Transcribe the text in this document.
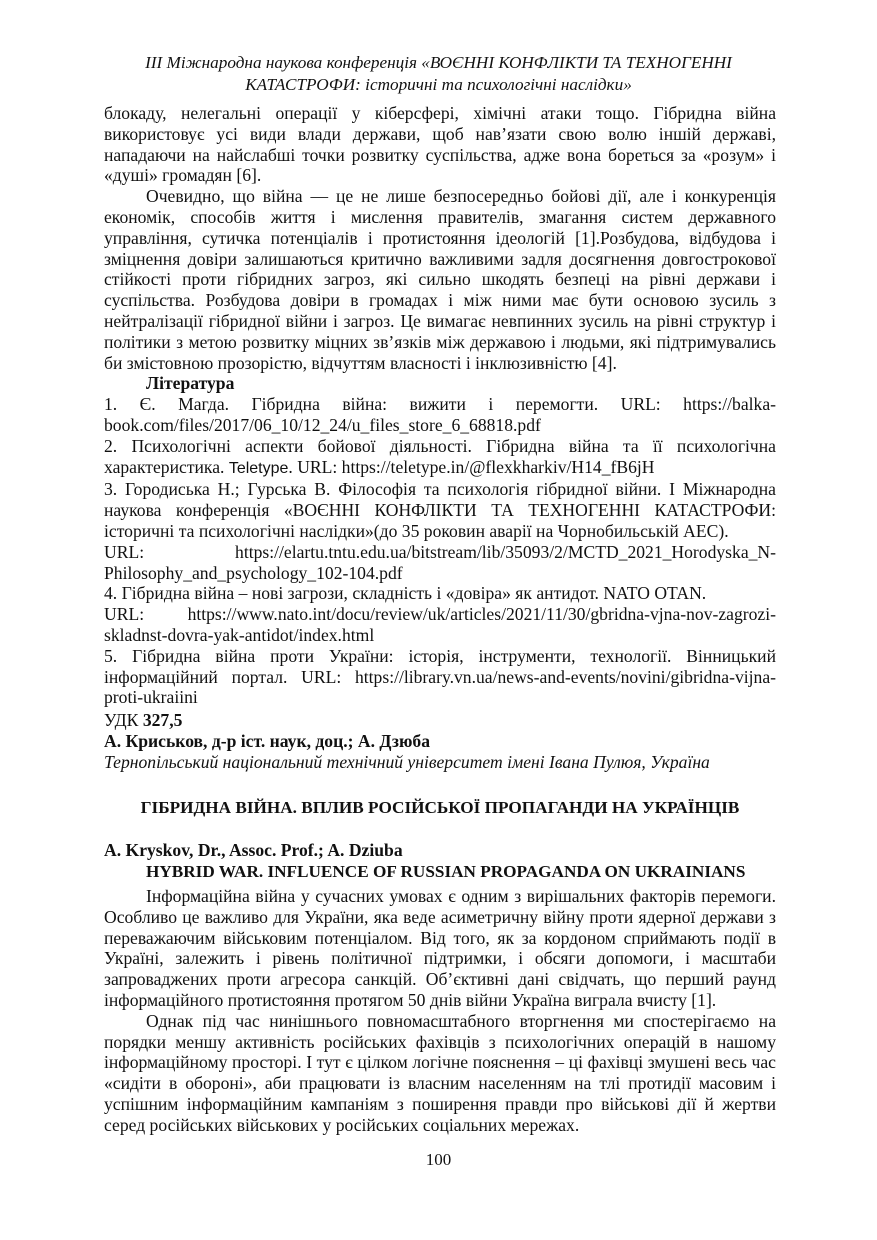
III Міжнародна наукова конференція «ВОЄННІ КОНФЛІКТИ ТА ТЕХНОГЕННІ
КАТАСТРОФИ: історичні та психологічні наслідки»

блокаду, нелегальні операції у кіберсфері, хімічні атаки тощо. Гібридна війна використовує усі види влади держави, щоб нав’язати свою волю іншій державі, нападаючи на найслабші точки розвитку суспільства, адже вона бореться за «розум» і «душі» громадян [6].

Очевидно, що війна — це не лише безпосередньо бойові дії, але і конкуренція економік, способів життя і мислення правителів, змагання систем державного управління, сутичка потенціалів і протистояння ідеологій [1].Розбудова, відбудова і зміцнення довіри залишаються критично важливими задля досягнення довгострокової стійкості проти гібридних загроз, які сильно шкодять безпеці на рівні держави і суспільства. Розбудова довіри в громадах і між ними має бути основою зусиль з нейтралізації гібридної війни і загроз. Це вимагає невпинних зусиль на рівні структур і політики з метою розвитку міцних зв’язків між державою і людьми, які підтримувались би змістовною прозорістю, відчуттям власності і інклюзивністю [4].

Література

1. Є. Магда. Гібридна війна: вижити і перемогти. URL: https://balka-book.com/files/2017/06_10/12_24/u_files_store_6_68818.pdf

2. Психологічні аспекти бойової діяльності. Гібридна війна та її психологічна характеристика. Teletype. URL: https://teletype.in/@flexkharkiv/H14_fB6jH

3. Городиська Н.; Гурська В. Філософія та психологія гібридної війни. І Міжнародна наукова конференція «ВОЄННІ КОНФЛІКТИ ТА ТЕХНОГЕННІ КАТАСТРОФИ: історичні та психологічні наслідки»(до 35 роковин аварії на Чорнобильській АЕС).

URL:	https://elartu.tntu.edu.ua/bitstream/lib/35093/2/MCTD_2021_Horodyska_N-Philosophy_and_psychology_102-104.pdf

4. Гібридна війна – нові загрози, складність і «довіра» як антидот. NATO OTAN.

URL: https://www.nato.int/docu/review/uk/articles/2021/11/30/gbridna-vjna-nov-zagrozi-skladnst-dovra-yak-antidot/index.html

5. Гібридна війна проти України: історія, інструменти, технології. Вінницький інформаційний портал. URL: https://library.vn.ua/news-and-events/novini/gibridna-vijna-proti-ukraiini

УДК 327,5

А. Криськов, д-р іст. наук, доц.; А. Дзюба

Тернопільський національний технічний університет імені Івана Пулюя, Україна

ГІБРИДНА ВІЙНА. ВПЛИВ РОСІЙСЬКОЇ ПРОПАГАНДИ НА УКРАЇНЦІВ

A. Kryskov, Dr., Assoc. Prof.; A. Dziuba

HYBRID WAR. INFLUENCE OF RUSSIAN PROPAGANDA ON UKRAINIANS

Інформаційна війна у сучасних умовах є одним з вирішальних факторів перемоги. Особливо це важливо для України, яка веде асиметричну війну проти ядерної держави з переважаючим військовим потенціалом. Від того, як за кордоном сприймають події в Україні, залежить і рівень політичної підтримки, і обсяги допомоги, і масштаби запроваджених проти агресора санкцій. Об’єктивні дані свідчать, що перший раунд інформаційного протистояння протягом 50 днів війни Україна виграла вчисту [1].

Однак під час нинішнього повномасштабного вторгнення ми спостерігаємо на порядки меншу активність російських фахівців з психологічних операцій в нашому інформаційному просторі. І тут є цілком логічне пояснення – ці фахівці змушені весь час «сидіти в обороні», аби працювати із власним населенням на тлі протидії масовим і успішним інформаційним кампаніям з поширення правди про військові дії й жертви серед російських військових у російських соціальних мережах.

100
